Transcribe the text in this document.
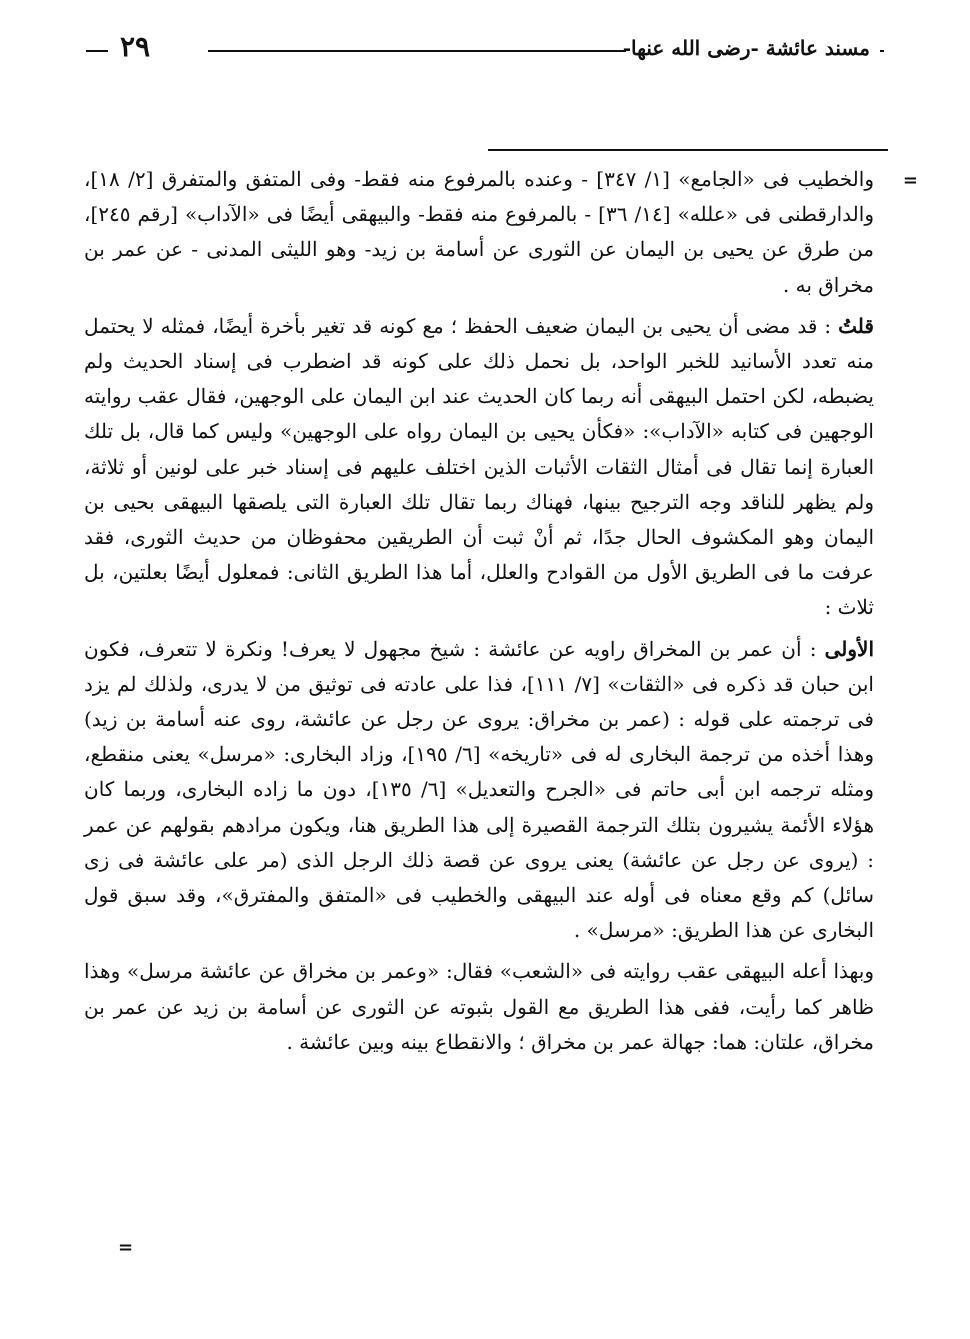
مسند عائشة -رضى الله عنها-
٢٩
=

والخطيب فى «الجامع» [١/ ٣٤٧] - وعنده بالمرفوع منه فقط- وفى المتفق والمتفرق [٢/ ١٨]، والدارقطنى فى «علله» [١٤/ ٣٦] - بالمرفوع منه فقط- والبيهقى أيضًا فى «الآداب» [رقم ٢٤٥]، من طرق عن يحيى بن اليمان عن الثورى عن أسامة بن زيد- وهو الليثى المدنى - عن عمر بن مخراق به .

قلتُ : قد مضى أن يحيى بن اليمان ضعيف الحفظ ؛ مع كونه قد تغير بأخرة أيضًا، فمثله لا يحتمل منه تعدد الأسانيد للخبر الواحد، بل نحمل ذلك على كونه قد اضطرب فى إسناد الحديث ولم يضبطه، لكن احتمل البيهقى أنه ربما كان الحديث عند ابن اليمان على الوجهين، فقال عقب روايته الوجهين فى كتابه «الآداب»: «فكأن يحيى بن اليمان رواه على الوجهين» وليس كما قال، بل تلك العبارة إنما تقال فى أمثال الثقات الأثبات الذين اختلف عليهم فى إسناد خبر على لونين أو ثلاثة، ولم يظهر للناقد وجه الترجيح بينها، فهناك ربما تقال تلك العبارة التى يلصقها البيهقى بحيى بن اليمان وهو المكشوف الحال جدًا، ثم أنْ ثبت أن الطريقين محفوظان من حديث الثورى، فقد عرفت ما فى الطريق الأول من القوادح والعلل، أما هذا الطريق الثانى: فمعلول أيضًا بعلتين، بل ثلاث :

الأولى : أن عمر بن المخراق راويه عن عائشة : شيخ مجهول لا يعرف! ونكرة لا تتعرف، فكون ابن حبان قد ذكره فى «الثقات» [٧/ ١١١]، فذا على عادته فى توثيق من لا يدرى، ولذلك لم يزد فى ترجمته على قوله : (عمر بن مخراق: يروى عن رجل عن عائشة، روى عنه أسامة بن زيد) وهذا أخذه من ترجمة البخارى له فى «تاريخه» [٦/ ١٩٥]، وزاد البخارى: «مرسل» يعنى منقطع، ومثله ترجمه ابن أبى حاتم فى «الجرح والتعديل» [٦/ ١٣٥]، دون ما زاده البخارى، وربما كان هؤلاء الأئمة يشيرون بتلك الترجمة القصيرة إلى هذا الطريق هنا، ويكون مرادهم بقولهم عن عمر : (يروى عن رجل عن عائشة) يعنى يروى عن قصة ذلك الرجل الذى (مر على عائشة فى زى سائل) كم وقع معناه فى أوله عند البيهقى والخطيب فى «المتفق والمفترق»، وقد سبق قول البخارى عن هذا الطريق: «مرسل» .

وبهذا أعله البيهقى عقب روايته فى «الشعب» فقال: «وعمر بن مخراق عن عائشة مرسل» وهذا ظاهر كما رأيت، ففى هذا الطريق مع القول بثبوته عن الثورى عن أسامة بن زيد عن عمر بن مخراق، علتان: هما: جهالة عمر بن مخراق ؛ والانقطاع بينه وبين عائشة .

=
